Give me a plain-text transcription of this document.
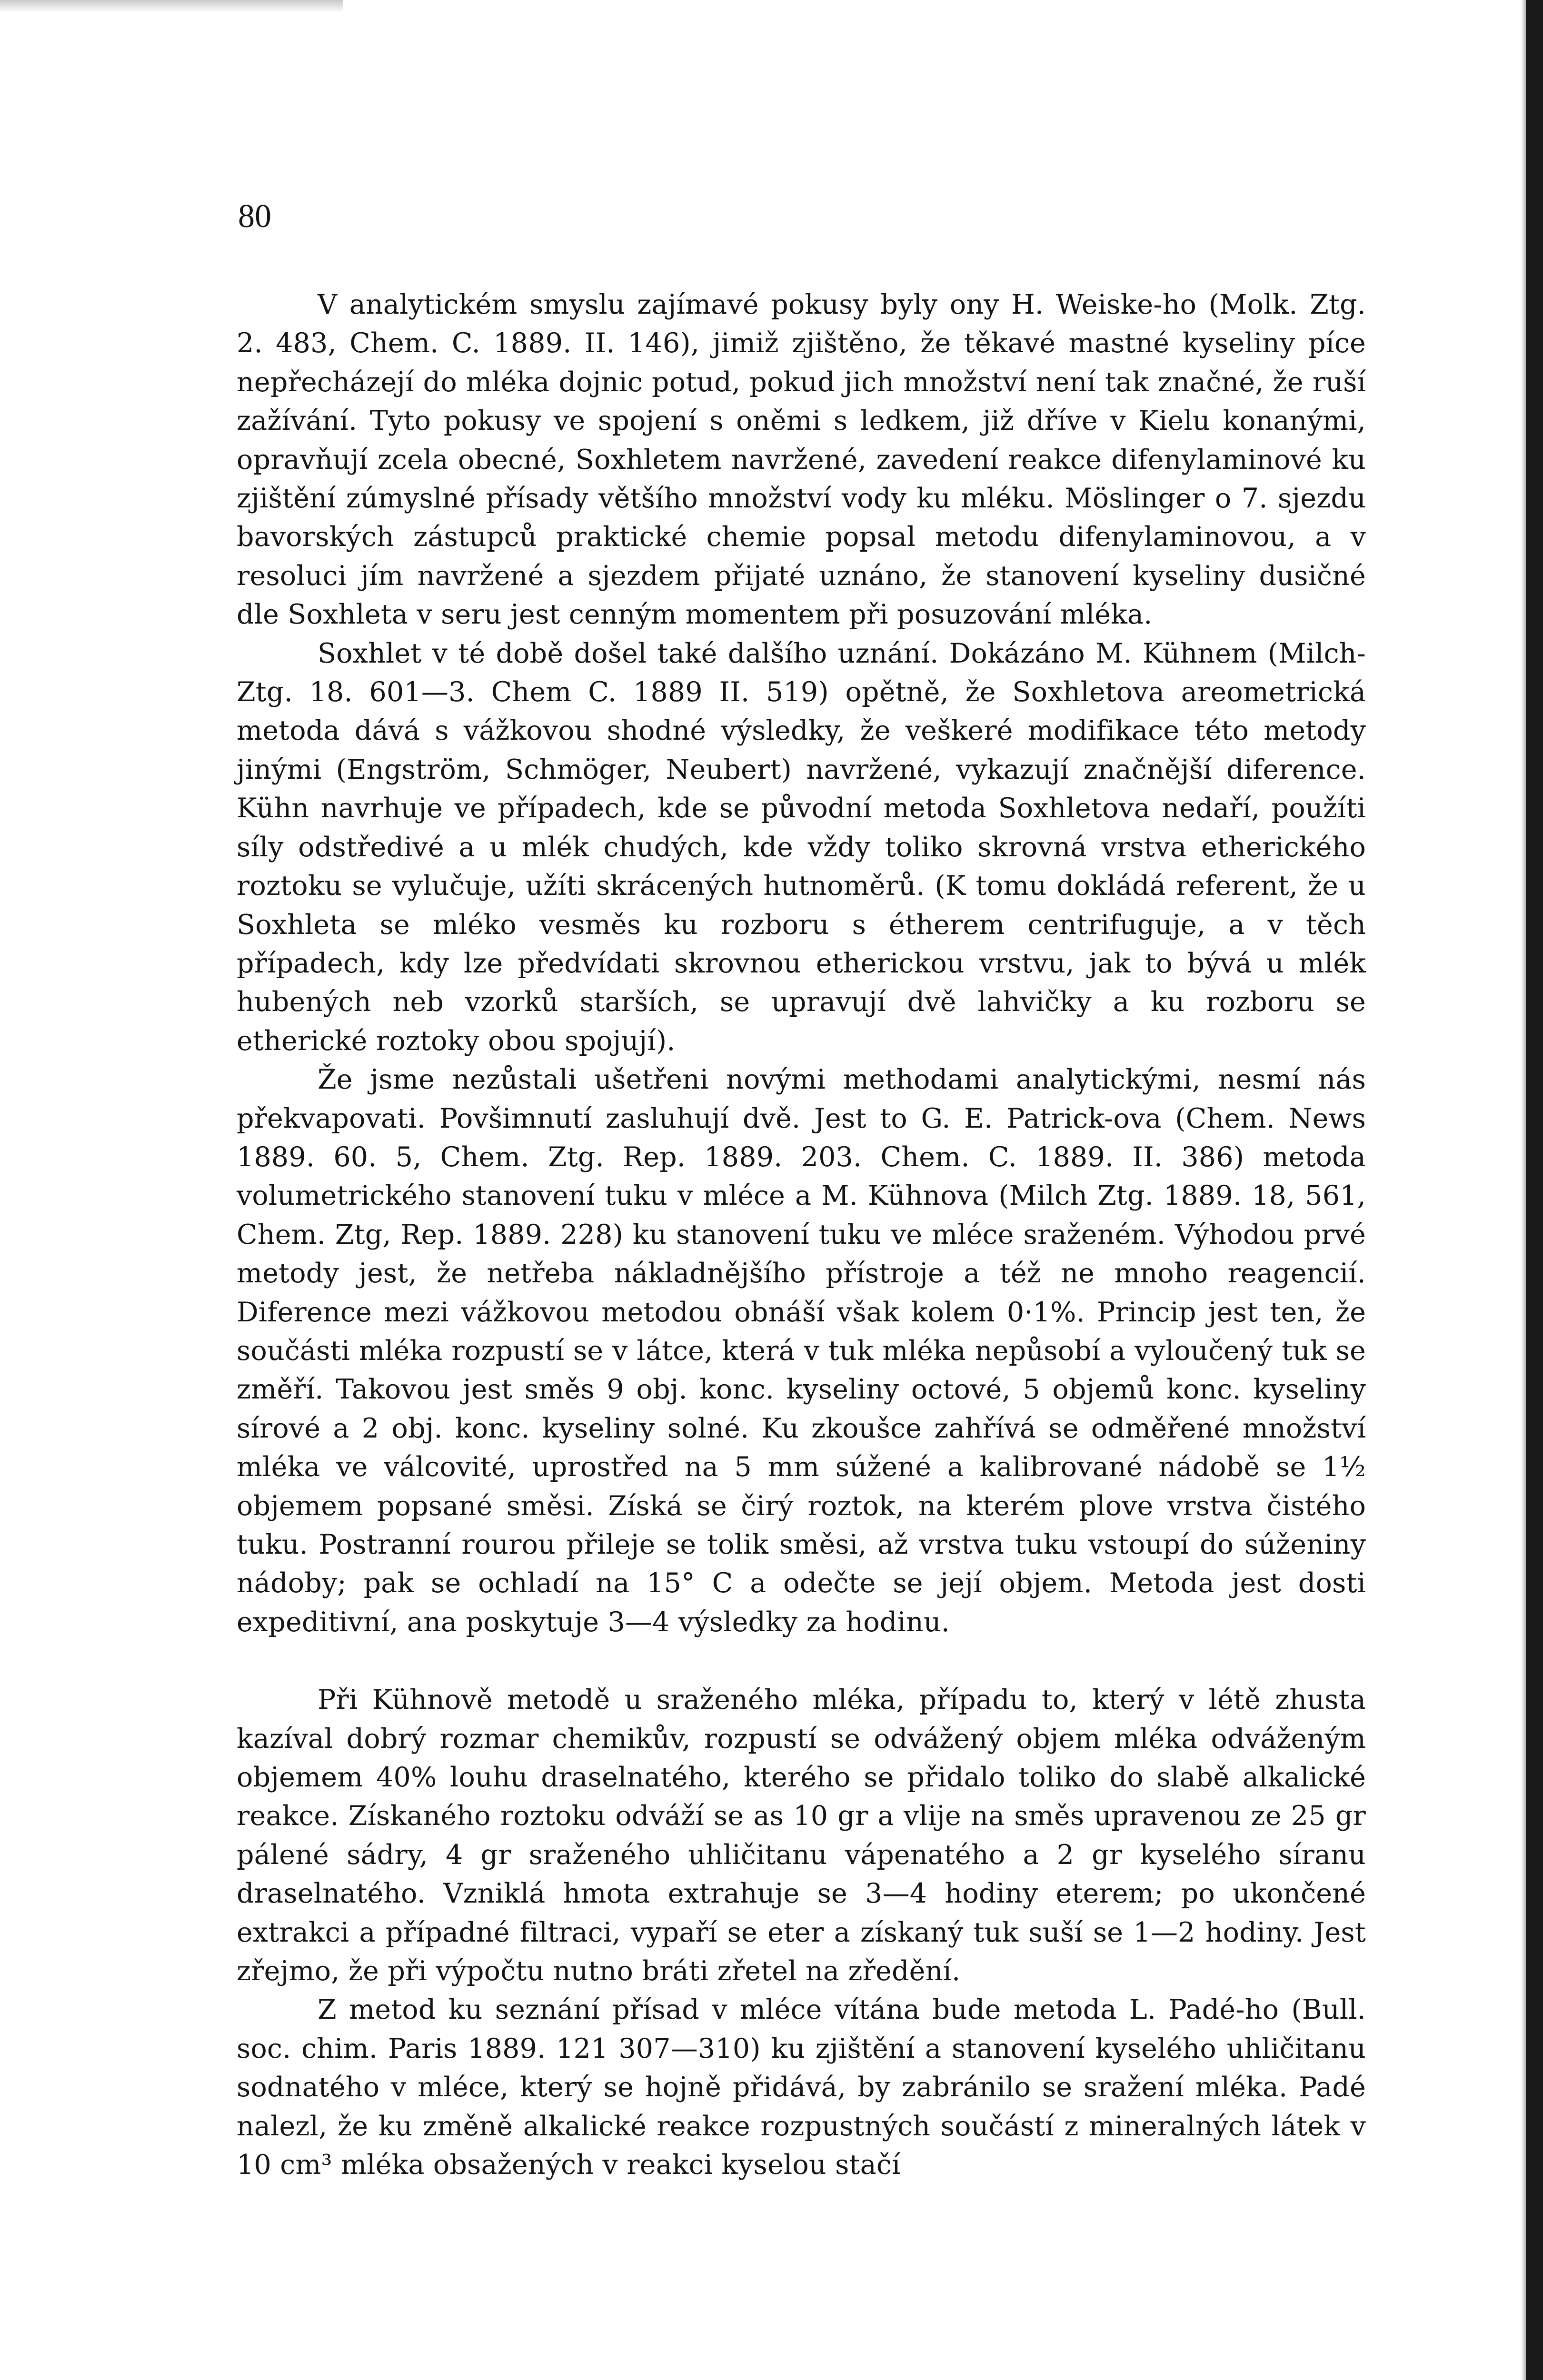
80

V analytickém smyslu zajímavé pokusy byly ony H. Weiske-ho (Molk. Ztg. 2. 483, Chem. C. 1889. II. 146), jimiž zjištěno, že těkavé mastné kyseliny píce nepřecházejí do mléka dojnic potud, pokud jich množství není tak značné, že ruší zažívání. Tyto pokusy ve spojení s oněmi s ledkem, již dříve v Kielu konanými, opravňují zcela obecné, Soxhletem navržené, zavedení reakce difenylaminové ku zjištění zúmyslné přísady většího množství vody ku mléku. Möslinger o 7. sjezdu bavorských zástupců praktické chemie popsal metodu difenylaminovou, a v resoluci jím navržené a sjezdem přijaté uznáno, že stanovení kyseliny dusičné dle Soxhleta v seru jest cenným momentem při posuzování mléka.

Soxhlet v té době došel také dalšího uznání. Dokázáno M. Kühnem (Milch-Ztg. 18. 601—3. Chem C. 1889 II. 519) opětně, že Soxhletova areometrická metoda dává s vážkovou shodné výsledky, že veškeré modifikace této metody jinými (Engström, Schmöger, Neubert) navržené, vykazují značnější diference. Kühn navrhuje ve případech, kde se původní metoda Soxhletova nedaří, použíti síly odstředivé a u mlék chudých, kde vždy toliko skrovná vrstva etherického roztoku se vylučuje, užíti skrácených hutnoměrů. (K tomu dokládá referent, že u Soxhleta se mléko vesměs ku rozboru s étherem centrifuguje, a v těch případech, kdy lze předvídati skrovnou etherickou vrstvu, jak to bývá u mlék hubených neb vzorků starších, se upravují dvě lahvičky a ku rozboru se etherické roztoky obou spojují).

Že jsme nezůstali ušetřeni novými methodami analytickými, nesmí nás překvapovati. Povšimnutí zasluhují dvě. Jest to G. E. Patrick-ova (Chem. News 1889. 60. 5, Chem. Ztg. Rep. 1889. 203. Chem. C. 1889. II. 386) metoda volumetrického stanovení tuku v mléce a M. Kühnova (Milch Ztg. 1889. 18, 561, Chem. Ztg, Rep. 1889. 228) ku stanovení tuku ve mléce sraženém. Výhodou prvé metody jest, že netřeba nákladnějšího přístroje a též ne mnoho reagencií. Diference mezi vážkovou metodou obnáší však kolem 0·1%. Princip jest ten, že součásti mléka rozpustí se v látce, která v tuk mléka nepůsobí a vyloučený tuk se změří. Takovou jest směs 9 obj. konc. kyseliny octové, 5 objemů konc. kyseliny sírové a 2 obj. konc. kyseliny solné. Ku zkoušce zahřívá se odměřené množství mléka ve válcovité, uprostřed na 5 mm súžené a kalibrované nádobě se 1½ objemem popsané směsi. Získá se čirý roztok, na kterém plove vrstva čistého tuku. Postranní rourou přileje se tolik směsi, až vrstva tuku vstoupí do súženiny nádoby; pak se ochladí na 15° C a odečte se její objem. Metoda jest dosti expeditivní, ana poskytuje 3—4 výsledky za hodinu.

Při Kühnově metodě u sraženého mléka, případu to, který v létě zhusta kazíval dobrý rozmar chemikův, rozpustí se odvážený objem mléka odváženým objemem 40% louhu draselnatého, kterého se přidalo toliko do slabě alkalické reakce. Získaného roztoku odváží se as 10 gr a vlije na směs upravenou ze 25 gr pálené sádry, 4 gr sraženého uhličitanu vápenatého a 2 gr kyselého síranu draselnatého. Vzniklá hmota extrahuje se 3—4 hodiny eterem; po ukončené extrakci a případné filtraci, vypaří se eter a získaný tuk suší se 1—2 hodiny. Jest zřejmo, že při výpočtu nutno bráti zřetel na zředění.

Z metod ku seznání přísad v mléce vítána bude metoda L. Padé-ho (Bull. soc. chim. Paris 1889. 121 307—310) ku zjištění a stanovení kyselého uhličitanu sodnatého v mléce, který se hojně přidává, by zabránilo se sražení mléka. Padé nalezl, že ku změně alkalické reakce rozpustných součástí z mineralných látek v 10 cm³ mléka obsažených v reakci kyselou stačí
